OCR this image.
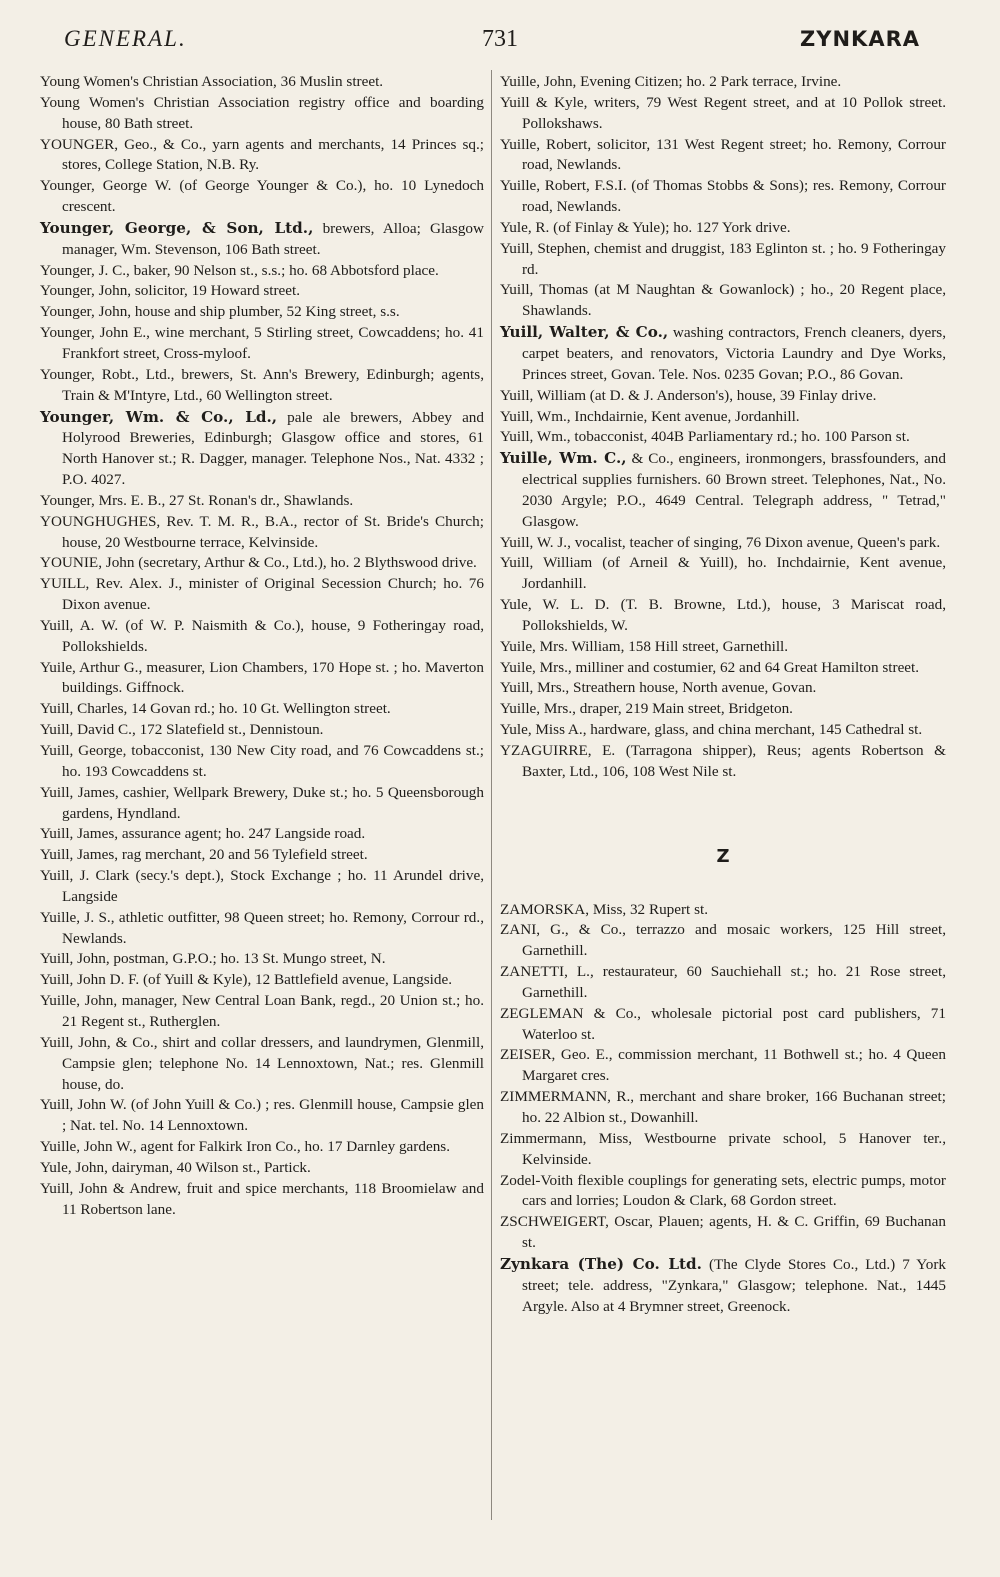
GENERAL.	731	ZYNKARA
Young Women's Christian Association, 36 Muslin street.
Young Women's Christian Association registry office and boarding house, 80 Bath street.
YOUNGER, Geo., & Co., yarn agents and merchants, 14 Princes sq.; stores, College Station, N.B. Ry.
Younger, George W. (of George Younger & Co.), ho. 10 Lynedoch crescent.
Younger, George, & Son, Ltd., brewers, Alloa; Glasgow manager, Wm. Stevenson, 106 Bath street.
Younger, J. C., baker, 90 Nelson st., s.s.; ho. 68 Abbotsford place.
Younger, John, solicitor, 19 Howard street.
Younger, John, house and ship plumber, 52 King street, s.s.
Younger, John E., wine merchant, 5 Stirling street, Cowcaddens; ho. 41 Frankfort street, Cross-myloof.
Younger, Robt., Ltd., brewers, St. Ann's Brewery, Edinburgh; agents, Train & M'Intyre, Ltd., 60 Wellington street.
Younger, Wm. & Co., Ld., pale ale brewers, Abbey and Holyrood Breweries, Edinburgh; Glasgow office and stores, 61 North Hanover st.; R. Dagger, manager. Telephone Nos., Nat. 4332 ; P.O. 4027.
Younger, Mrs. E. B., 27 St. Ronan's dr., Shawlands.
YOUNGHUGHES, Rev. T. M. R., B.A., rector of St. Bride's Church; house, 20 Westbourne terrace, Kelvinside.
YOUNIE, John (secretary, Arthur & Co., Ltd.), ho. 2 Blythswood drive.
YUILL, Rev. Alex. J., minister of Original Secession Church; ho. 76 Dixon avenue.
Yuill, A. W. (of W. P. Naismith & Co.), house, 9 Fotheringay road, Pollokshields.
Yuile, Arthur G., measurer, Lion Chambers, 170 Hope st. ; ho. Maverton buildings. Giffnock.
Yuill, Charles, 14 Govan rd.; ho. 10 Gt. Wellington street.
Yuill, David C., 172 Slatefield st., Dennistoun.
Yuill, George, tobacconist, 130 New City road, and 76 Cowcaddens st.; ho. 193 Cowcaddens st.
Yuill, James, cashier, Wellpark Brewery, Duke st.; ho. 5 Queensborough gardens, Hyndland.
Yuill, James, assurance agent; ho. 247 Langside road.
Yuill, James, rag merchant, 20 and 56 Tylefield street.
Yuill, J. Clark (secy.'s dept.), Stock Exchange ; ho. 11 Arundel drive, Langside
Yuille, J. S., athletic outfitter, 98 Queen street; ho. Remony, Corrour rd., Newlands.
Yuill, John, postman, G.P.O.; ho. 13 St. Mungo street, N.
Yuill, John D. F. (of Yuill & Kyle), 12 Battlefield avenue, Langside.
Yuille, John, manager, New Central Loan Bank, regd., 20 Union st.; ho. 21 Regent st., Rutherglen.
Yuill, John, & Co., shirt and collar dressers, and laundrymen, Glenmill, Campsie glen; telephone No. 14 Lennoxtown, Nat.; res. Glenmill house, do.
Yuill, John W. (of John Yuill & Co.) ; res. Glenmill house, Campsie glen ; Nat. tel. No. 14 Lennoxtown.
Yuille, John W., agent for Falkirk Iron Co., ho. 17 Darnley gardens.
Yule, John, dairyman, 40 Wilson st., Partick.
Yuill, John & Andrew, fruit and spice merchants, 118 Broomielaw and 11 Robertson lane.
Yuille, John, Evening Citizen; ho. 2 Park terrace, Irvine.
Yuill & Kyle, writers, 79 West Regent street, and at 10 Pollok street. Pollokshaws.
Yuille, Robert, solicitor, 131 West Regent street; ho. Remony, Corrour road, Newlands.
Yuille, Robert, F.S.I. (of Thomas Stobbs & Sons); res. Remony, Corrour road, Newlands.
Yule, R. (of Finlay & Yule); ho. 127 York drive.
Yuill, Stephen, chemist and druggist, 183 Eglinton st. ; ho. 9 Fotheringay rd.
Yuill, Thomas (at M Naughtan & Gowanlock) ; ho., 20 Regent place, Shawlands.
Yuill, Walter, & Co., washing contractors, French cleaners, dyers, carpet beaters, and renovators, Victoria Laundry and Dye Works, Princes street, Govan. Tele. Nos. 0235 Govan; P.O., 86 Govan.
Yuill, William (at D. & J. Anderson's), house, 39 Finlay drive.
Yuill, Wm., Inchdairnie, Kent avenue, Jordanhill.
Yuill, Wm., tobacconist, 404B Parliamentary rd.; ho. 100 Parson st.
Yuille, Wm. C., & Co., engineers, ironmongers, brassfounders, and electrical supplies furnishers. 60 Brown street. Telephones, Nat., No. 2030 Argyle; P.O., 4649 Central. Telegraph address, " Tetrad," Glasgow.
Yuill, W. J., vocalist, teacher of singing, 76 Dixon avenue, Queen's park.
Yuill, William (of Arneil & Yuill), ho. Inchdairnie, Kent avenue, Jordanhill.
Yule, W. L. D. (T. B. Browne, Ltd.), house, 3 Mariscat road, Pollokshields, W.
Yuile, Mrs. William, 158 Hill street, Garnethill.
Yuile, Mrs., milliner and costumier, 62 and 64 Great Hamilton street.
Yuill, Mrs., Streathern house, North avenue, Govan.
Yuille, Mrs., draper, 219 Main street, Bridgeton.
Yule, Miss A., hardware, glass, and china merchant, 145 Cathedral st.
YZAGUIRRE, E. (Tarragona shipper), Reus; agents Robertson & Baxter, Ltd., 106, 108 West Nile st.
Z
ZAMORSKA, Miss, 32 Rupert st.
ZANI, G., & Co., terrazzo and mosaic workers, 125 Hill street, Garnethill.
ZANETTI, L., restaurateur, 60 Sauchiehall st.; ho. 21 Rose street, Garnethill.
ZEGLEMAN & Co., wholesale pictorial post card publishers, 71 Waterloo st.
ZEISER, Geo. E., commission merchant, 11 Bothwell st.; ho. 4 Queen Margaret cres.
ZIMMERMANN, R., merchant and share broker, 166 Buchanan street; ho. 22 Albion st., Dowanhill.
Zimmermann, Miss, Westbourne private school, 5 Hanover ter., Kelvinside.
Zodel-Voith flexible couplings for generating sets, electric pumps, motor cars and lorries; Loudon & Clark, 68 Gordon street.
ZSCHWEIGERT, Oscar, Plauen; agents, H. & C. Griffin, 69 Buchanan st.
Zynkara (The) Co. Ltd. (The Clyde Stores Co., Ltd.) 7 York street; tele. address, "Zynkara," Glasgow; telephone. Nat., 1445 Argyle. Also at 4 Brymner street, Greenock.
